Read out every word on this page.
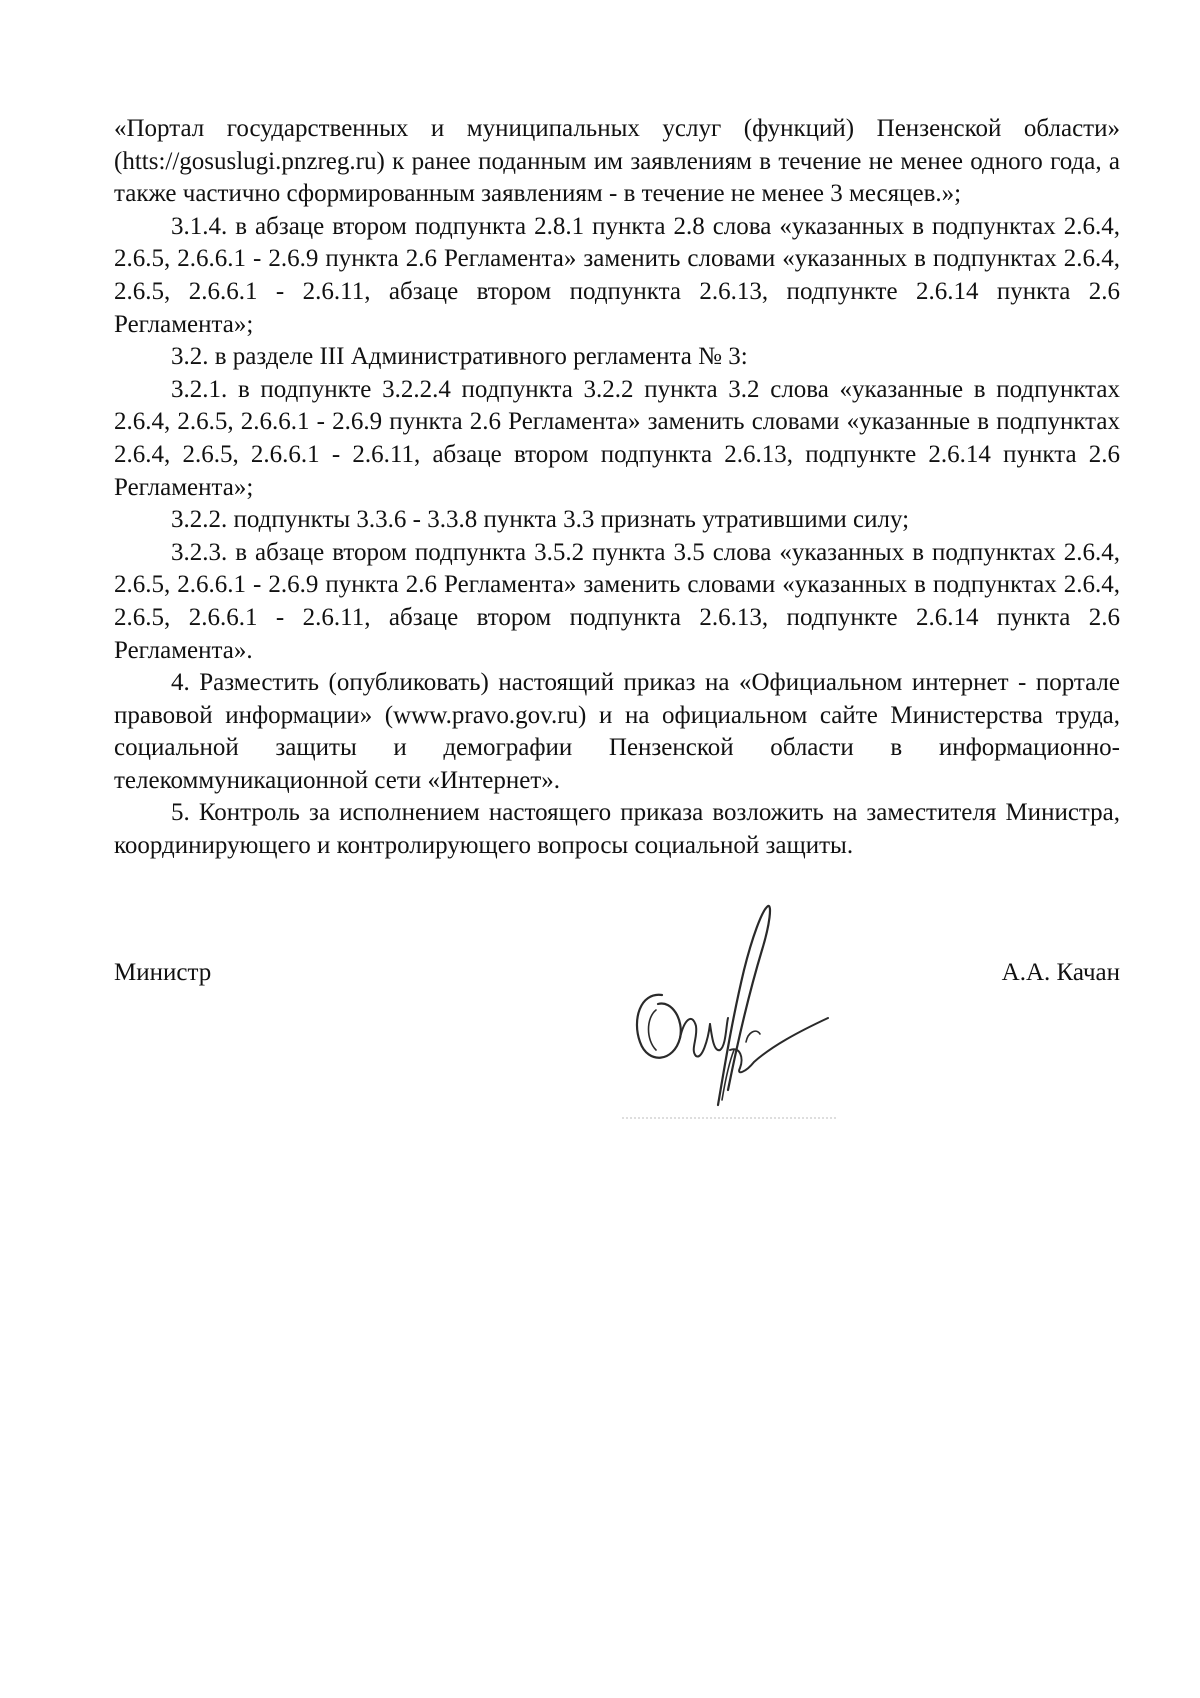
«Портал государственных и муниципальных услуг (функций) Пензенской области» (htts://gosuslugi.pnzreg.ru) к ранее поданным им заявлениям в течение не менее одного года, а также частично сформированным заявлениям - в течение не менее 3 месяцев.»;

3.1.4. в абзаце втором подпункта 2.8.1 пункта 2.8 слова «указанных в подпунктах 2.6.4, 2.6.5, 2.6.6.1 - 2.6.9 пункта 2.6 Регламента» заменить словами «указанных в подпунктах 2.6.4, 2.6.5, 2.6.6.1 - 2.6.11, абзаце втором подпункта 2.6.13, подпункте 2.6.14 пункта 2.6 Регламента»;

3.2. в разделе III Административного регламента № 3:

3.2.1. в подпункте 3.2.2.4 подпункта 3.2.2 пункта 3.2 слова «указанные в подпунктах 2.6.4, 2.6.5, 2.6.6.1 - 2.6.9 пункта 2.6 Регламента» заменить словами «указанные в подпунктах 2.6.4, 2.6.5, 2.6.6.1 - 2.6.11, абзаце втором подпункта 2.6.13, подпункте 2.6.14 пункта 2.6 Регламента»;

3.2.2. подпункты 3.3.6 - 3.3.8 пункта 3.3 признать утратившими силу;

3.2.3. в абзаце втором подпункта 3.5.2 пункта 3.5 слова «указанных в подпунктах 2.6.4, 2.6.5, 2.6.6.1 - 2.6.9 пункта 2.6 Регламента» заменить словами «указанных в подпунктах 2.6.4, 2.6.5, 2.6.6.1 - 2.6.11, абзаце втором подпункта 2.6.13, подпункте 2.6.14 пункта 2.6 Регламента».

4. Разместить (опубликовать) настоящий приказ на «Официальном интернет - портале правовой информации» (www.pravo.gov.ru) и на официальном сайте Министерства труда, социальной защиты и демографии Пензенской области в информационно-телекоммуникационной сети «Интернет».

5. Контроль за исполнением настоящего приказа возложить на заместителя Министра, координирующего и контролирующего вопросы социальной защиты.

Министр	А.А. Качан
